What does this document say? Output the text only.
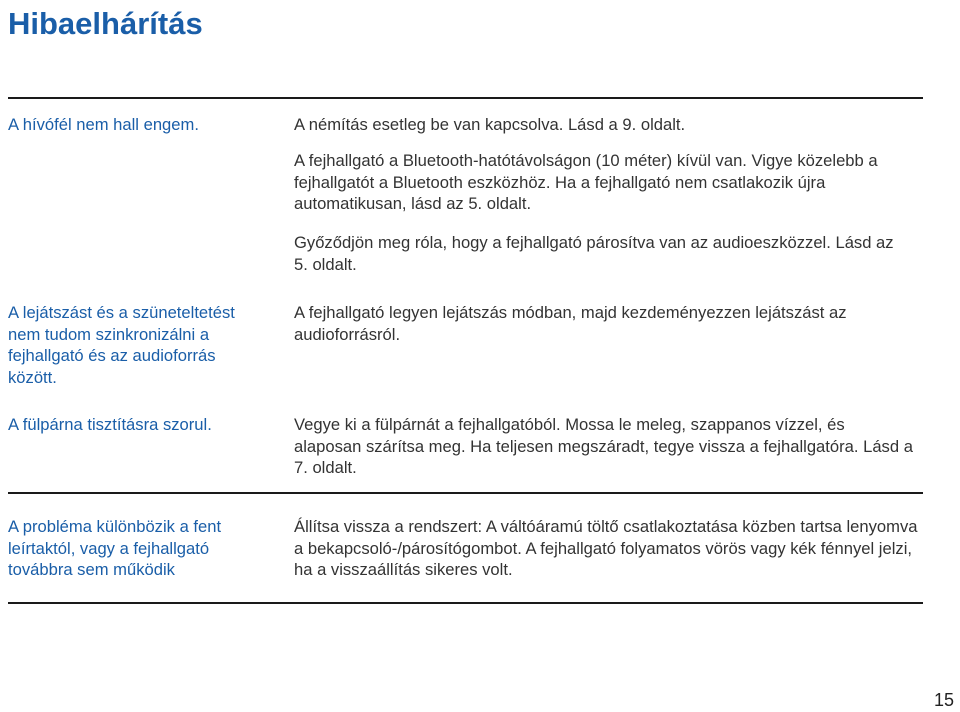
Hibaelhárítás
A hívófél nem hall engem.	A némítás esetleg be van kapcsolva. Lásd a 9. oldalt.
A fejhallgató a Bluetooth-hatótávolságon (10 méter) kívül van. Vigye közelebb a fejhallgatót a Bluetooth eszközhöz. Ha a fejhallgató nem csatlakozik újra automatikusan, lásd az 5. oldalt.
Győződjön meg róla, hogy a fejhallgató párosítva van az audioeszközzel. Lásd az 5. oldalt.
A lejátszást és a szüneteltetést nem tudom szinkronizálni a fejhallgató és az audioforrás között.
A fejhallgató legyen lejátszás módban, majd kezdeményezzen lejátszást az audioforrásról.
A fülpárna tisztításra szorul.	Vegye ki a fülpárnát a fejhallgatóból. Mossa le meleg, szappanos vízzel, és alaposan szárítsa meg. Ha teljesen megszáradt, tegye vissza a fejhallgatóra. Lásd a 7. oldalt.
A probléma különbözik a fent leírtaktól, vagy a fejhallgató továbbra sem működik
Állítsa vissza a rendszert: A váltóáramú töltő csatlakoztatása közben tartsa lenyomva a bekapcsoló-/párosítógombot. A fejhallgató folyamatos vörös vagy kék fénnyel jelzi, ha a visszaállítás sikeres volt.
15
